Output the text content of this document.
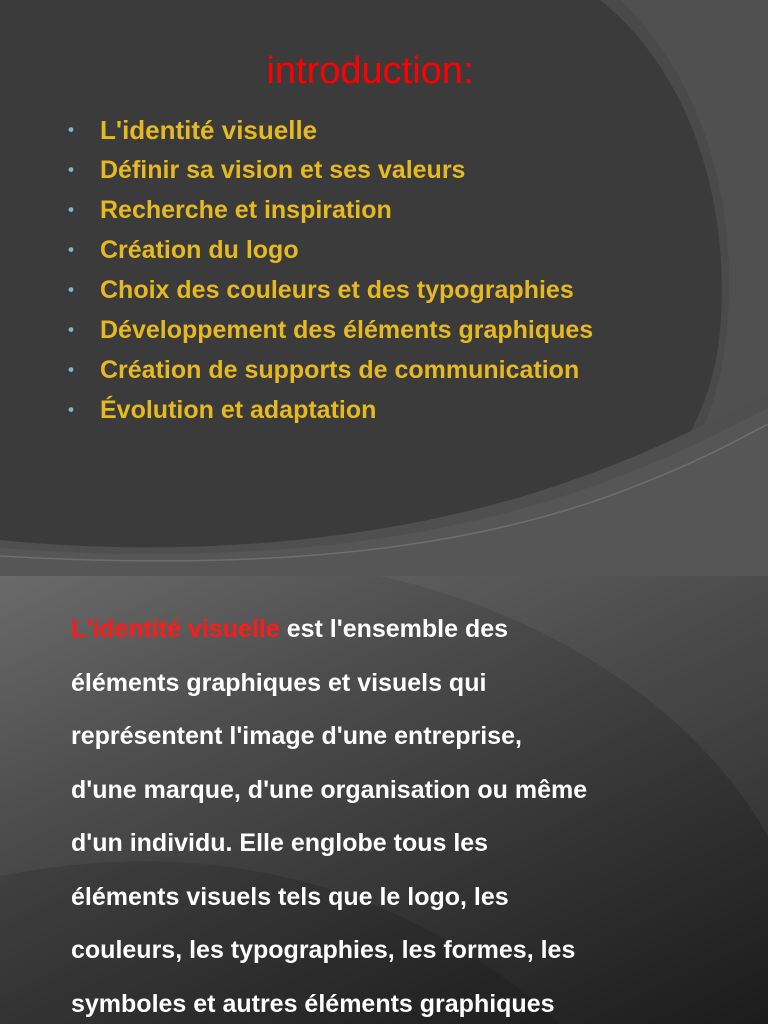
introduction:
• L'identité visuelle
• Définir sa vision et ses valeurs
• Recherche et inspiration
• Création du logo
• Choix des couleurs et des typographies
• Développement des éléments graphiques
• Création de supports de communication
• Évolution et adaptation

L'identité visuelle est l'ensemble des
éléments graphiques et visuels qui
représentent l'image d'une entreprise,
d'une marque, d'une organisation ou même
d'un individu. Elle englobe tous les
éléments visuels tels que le logo, les
couleurs, les typographies, les formes, les
symboles et autres éléments graphiques
